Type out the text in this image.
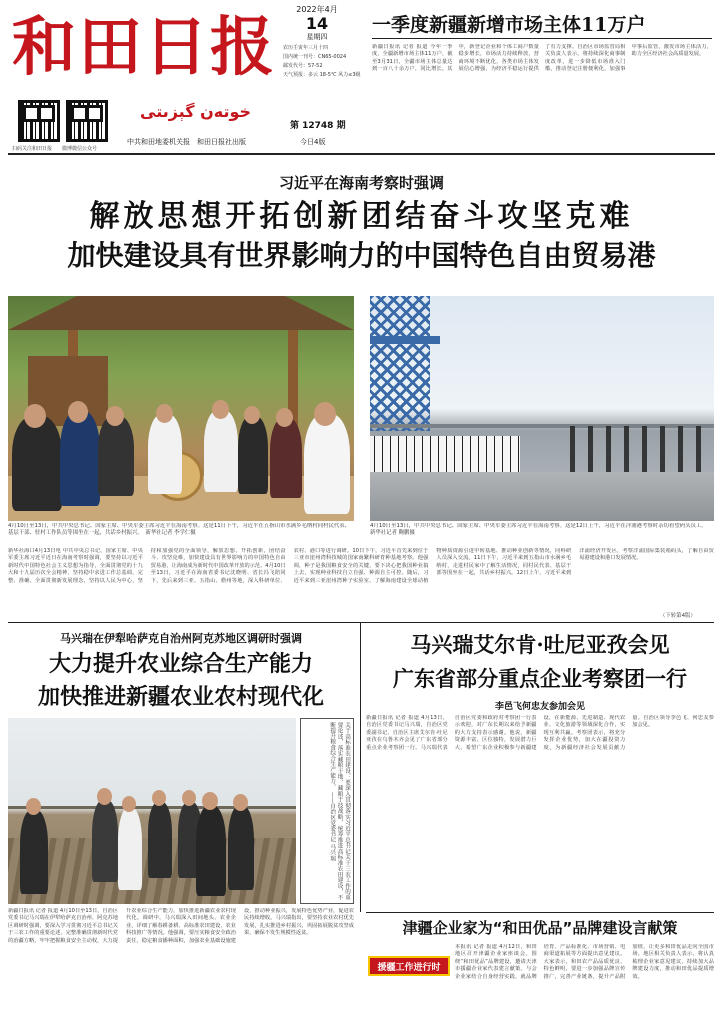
和田日报
خوتەن گېزىتى
扫码关注和田日报 微博微信公众号
2022年4月
14
星期四
农历壬寅年三月十四
国内统一刊号：CN65-0024
邮发代号：57-52
天气预报：多云 18-5℃ 风力≤3级
第 12748 期
中共和田地委机关报　和田日报社出版	今日4版
一季度新疆新增市场主体11万户
新疆日报讯 记者 报道 今年一季度，全疆新增市场主体11万户，截至3月31日，全疆市场主体总量达到一百八十余万户，同比增长。其中，新登记企业和个体工商户数量稳步增长，市场活力持续释放，营商环境不断优化，各类市场主体发展信心增强，为经济平稳运行提供了有力支撑。自治区市场监管局相关负责人表示，将持续深化商事制度改革，进一步降低市场准入门槛，推动登记注册便利化，加强事中事后监管，激发市场主体活力，助力全区经济社会高质量发展。
习近平在海南考察时强调
解放思想开拓创新团结奋斗攻坚克难
加快建设具有世界影响力的中国特色自由贸易港
4月10日至13日，中共中央总书记、国家主席、中央军委主席习近平在海南考察。这是11日下午，习近平在五指山市水满乡毛纳村同村民代表、基层干部、驻村工作队员等围坐在一起，共话乡村振兴。　新华社记者 李学仁摄
4月10日至13日，中共中央总书记、国家主席、中央军委主席习近平在海南考察。这是12日上午，习近平在洋浦港考察时亲切看望码头员工。　新华社记者 鞠鹏摄
新华社海口4月13日电 中共中央总书记、国家主席、中央军委主席习近平近日在海南考察时强调，要坚持以习近平新时代中国特色社会主义思想为指导，全面贯彻党的十九大和十九届历次全会精神，坚持稳中求进工作总基调，完整、准确、全面贯彻新发展理念，坚持以人民为中心，坚持和加强党的全面领导，解放思想、开拓创新，团结奋斗、攻坚克难，加快建设具有世界影响力的中国特色自由贸易港，让海南成为新时代中国改革开放的示范。4月10日至13日，习近平在海南省委书记沈晓明、省长冯飞陪同下，先后来到三亚、五指山、儋州等地，深入科研单位、农村、港口等进行调研。10日下午，习近平首先来到位于三亚市崖州湾科技城的国家南繁科研育种基地考察。他强调，种子是我国粮食安全的关键，要下决心把我国种业搞上去，实现种业科技自立自强、种源自主可控。随后，习近平来到三亚崖州湾种子实验室，了解海南建设全球动植物种质资源引进中转基地、推动种业创新等情况，同科研人员深入交流。11日下午，习近平来到五指山市水满乡毛纳村，走进村民家中了解生活情况，同村民代表、基层干部等围坐在一起，共话乡村振兴。12日上午，习近平来到洋浦经济开发区，考察洋浦国际集装箱码头，了解自由贸易港建设和港口发展情况。
（下转第4版）
马兴瑞在伊犁哈萨克自治州阿克苏地区调研时强调
大力提升农业综合生产能力
加快推进新疆农业农村现代化
关于高标准农田建设：要深入贯彻落实习近平总书记关于三农工作的重要论述，落实藏粮于地、藏粮于技战略，统筹推进高标准农田建设，不断提升粮食综合生产能力。　——自治区党委书记 马兴瑞
新疆日报讯 记者 报道 4月10日至13日，自治区党委书记马兴瑞在伊犁哈萨克自治州、阿克苏地区调研时强调，要深入学习贯彻习近平总书记关于三农工作的重要论述，完整准确贯彻新时代党的治疆方略，牢牢把握粮食安全主动权，大力提升农业综合生产能力，加快推进新疆农业农村现代化。调研中，马兴瑞深入田间地头、农业企业，详细了解春耕备耕、高标准农田建设、农业科技推广等情况。他强调，要压实粮食安全政治责任，稳定粮食播种面积，加强农业基础设施建设，推动种业振兴，发展特色优势产业，促进农民持续增收。马兴瑞指出，要坚持农业农村优先发展，扎实推进乡村振兴，巩固拓展脱贫攻坚成果，确保不发生规模性返贫。
马兴瑞艾尔肯·吐尼亚孜会见
广东省部分重点企业考察团一行
李邑飞何忠友参加会见
新疆日报讯 记者 报道 4月13日，自治区党委书记马兴瑞，自治区党委副书记、自治区主席艾尔肯·吐尼亚孜在乌鲁木齐会见了广东省部分重点企业考察团一行。马兴瑞代表自治区党委和政府对考察团一行表示欢迎，对广东长期以来给予新疆的大力支持表示感谢。他说，新疆资源丰富、区位独特，发展潜力巨大，希望广东企业积极参与新疆建设，在新能源、先进制造、现代农业、文化旅游等领域深化合作，实现互利共赢。考察团表示，将充分发挥企业优势，加大在疆投资力度，为新疆经济社会发展贡献力量。自治区领导李邑飞、何忠友参加会见。
津疆企业家为“和田优品”品牌建设言献策
援疆工作进行时
本报讯 记者 报道 4月12日，和田地区召开津疆企业家座谈会，围绕“和田优品”品牌建设，邀请天津市援疆企业家代表建言献策。与会企业家结合自身经营实践，就品牌培育、产品标准化、市场营销、电商渠道拓展等方面提出意见建议。大家表示，和田农产品品质优良、特色鲜明，要进一步加强品牌宣传推广，完善产业链条，提升产品附加值，让更多和田优品走向全国市场。地区相关负责人表示，将认真梳理企业家意见建议，持续加大品牌建设力度，推动和田优品提质增效。
